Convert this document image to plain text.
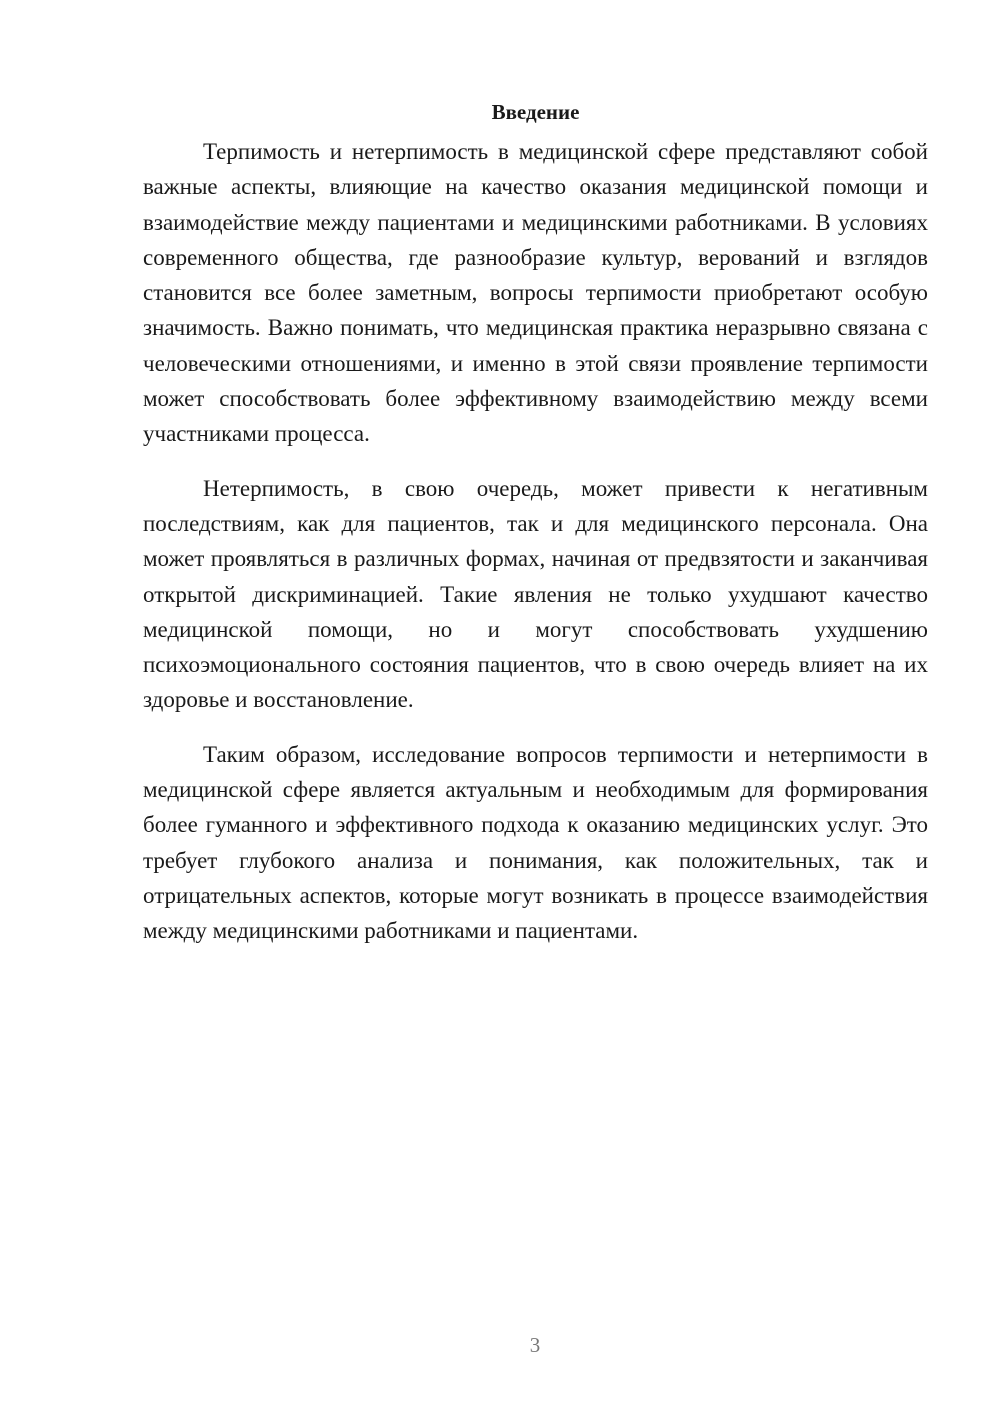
Введение

Терпимость и нетерпимость в медицинской сфере представляют собой важные аспекты, влияющие на качество оказания медицинской помощи и взаимодействие между пациентами и медицинскими работниками. В условиях современного общества, где разнообразие культур, верований и взглядов становится все более заметным, вопросы терпимости приобретают особую значимость. Важно понимать, что медицинская практика неразрывно связана с человеческими отношениями, и именно в этой связи проявление терпимости может способствовать более эффективному взаимодействию между всеми участниками процесса.

Нетерпимость, в свою очередь, может привести к негативным последствиям, как для пациентов, так и для медицинского персонала. Она может проявляться в различных формах, начиная от предвзятости и заканчивая открытой дискриминацией. Такие явления не только ухудшают качество медицинской помощи, но и могут способствовать ухудшению психоэмоционального состояния пациентов, что в свою очередь влияет на их здоровье и восстановление.

Таким образом, исследование вопросов терпимости и нетерпимости в медицинской сфере является актуальным и необходимым для формирования более гуманного и эффективного подхода к оказанию медицинских услуг. Это требует глубокого анализа и понимания, как положительных, так и отрицательных аспектов, которые могут возникать в процессе взаимодействия между медицинскими работниками и пациентами.

3
